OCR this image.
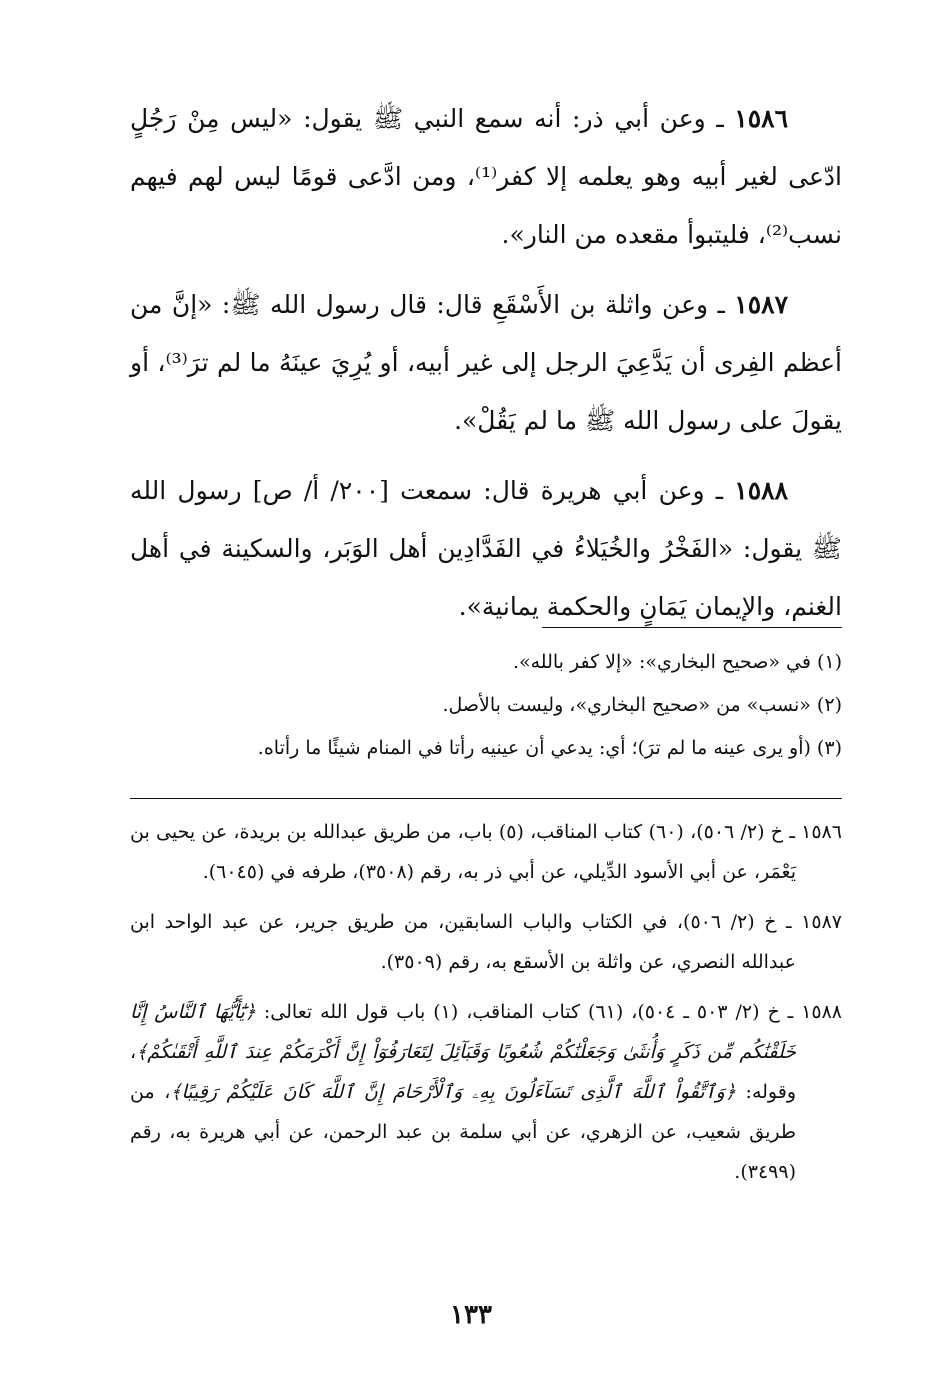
١٥٨٦ ـ وعن أبي ذر: أنه سمع النبي ﷺ يقول: «ليس مِنْ رَجُلٍ ادّعى لغير أبيه وهو يعلمه إلا كفر⁽¹⁾، ومن ادَّعى قومًا ليس لهم فيهم نسب⁽²⁾، فليتبوأ مقعده من النار».

١٥٨٧ ـ وعن واثلة بن الأَسْقَعِ قال: قال رسول الله ﷺ: «إنَّ من أعظم الفِرى أن يَدَّعِيَ الرجل إلى غير أبيه، أو يُرِيَ عينَهُ ما لم ترَ⁽³⁾، أو يقولَ على رسول الله ﷺ ما لم يَقُلْ».

١٥٨٨ ـ وعن أبي هريرة قال: سمعت [٢٠٠/ أ/ ص] رسول الله ﷺ يقول: «الفَخْرُ والخُيَلاءُ في الفَدَّادِين أهل الوَبَر، والسكينة في أهل الغنم، والإيمان يَمَانٍ والحكمة يمانية».

(١) في «صحيح البخاري»: «إلا كفر بالله».

(٢) «نسب» من «صحيح البخاري»، وليست بالأصل.

(٣) (أو يرى عينه ما لم ترَ)؛ أي: يدعي أن عينيه رأتا في المنام شيئًا ما رأتاه.

١٥٨٦ ـ خ (٢/ ٥٠٦)، (٦٠) كتاب المناقب، (٥) باب، من طريق عبدالله بن بريدة، عن يحيى بن يَعْمَر، عن أبي الأسود الدِّيلي، عن أبي ذر به، رقم (٣٥٠٨)، طرفه في (٦٠٤٥).

١٥٨٧ ـ خ (٢/ ٥٠٦)، في الكتاب والباب السابقين، من طريق جرير، عن عبد الواحد ابن عبدالله النصري، عن واثلة بن الأسقع به، رقم (٣٥٠٩).

١٥٨٨ ـ خ (٢/ ٥٠٣ ـ ٥٠٤)، (٦١) كتاب المناقب، (١) باب قول الله تعالى: ﴿يَٰٓأَيُّهَا ٱلنَّاسُ إِنَّا خَلَقْنَٰكُم مِّن ذَكَرٍ وَأُنثَىٰ وَجَعَلْنَٰكُمْ شُعُوبًا وَقَبَآئِلَ لِتَعَارَفُوٓاْ إِنَّ أَكْرَمَكُمْ عِندَ ٱللَّهِ أَتْقَىٰكُمْ﴾، وقوله: ﴿وَٱتَّقُواْ ٱللَّهَ ٱلَّذِى تَسَآءَلُونَ بِهِۦ وَٱلْأَرْحَامَ إِنَّ ٱللَّهَ كَانَ عَلَيْكُمْ رَقِيبًا﴾، من طريق شعيب، عن الزهري، عن أبي سلمة بن عبد الرحمن، عن أبي هريرة به، رقم (٣٤٩٩).

١٣٣
